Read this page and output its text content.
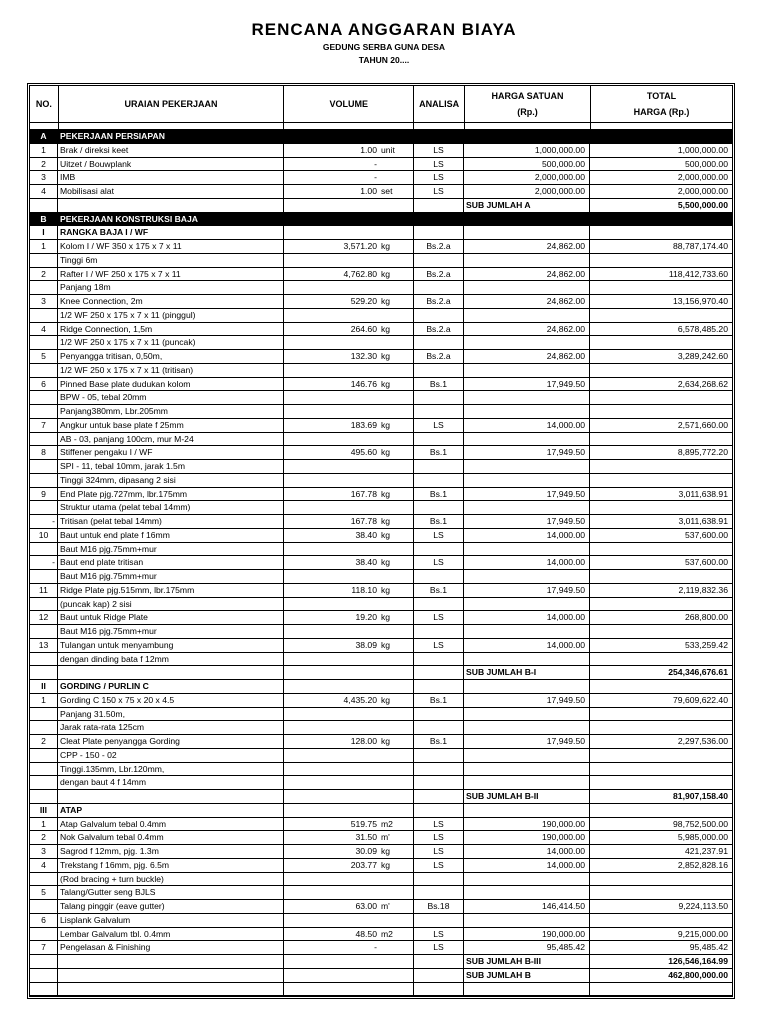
RENCANA ANGGARAN BIAYA
GEDUNG SERBA GUNA DESA
TAHUN 20....
NO.	URAIAN PEKERJAAN	VOLUME	ANALISA
HARGA SATUAN
(Rp.)
TOTAL
HARGA (Rp.)
A	PEKERJAAN PERSIAPAN
1	Brak / direksi keet	1.00 unit	LS	1,000,000.00	1,000,000.00
2	Uitzet / Bouwplank	-	LS	500,000.00	500,000.00
3	IMB	-	LS	2,000,000.00	2,000,000.00
4	Mobilisasi alat	1.00 set	LS	2,000,000.00	2,000,000.00
SUB JUMLAH A	5,500,000.00
B	PEKERJAAN KONSTRUKSI BAJA
I	RANGKA BAJA I / WF
1	Kolom I / WF 350 x 175 x 7 x 11	3,571.20 kg	Bs.2.a	24,862.00	88,787,174.40
Tinggi 6m
2	Rafter I / WF 250 x 175 x 7 x 11	4,762.80 kg	Bs.2.a	24,862.00	118,412,733.60
Panjang 18m
3	Knee Connection, 2m	529.20 kg	Bs.2.a	24,862.00	13,156,970.40
1/2 WF 250 x 175 x 7 x 11 (pinggul)
4	Ridge Connection, 1,5m	264.60 kg	Bs.2.a	24,862.00	6,578,485.20
1/2 WF 250 x 175 x 7 x 11 (puncak)
5	Penyangga tritisan, 0,50m,	132.30 kg	Bs.2.a	24,862.00	3,289,242.60
1/2 WF 250 x 175 x 7 x 11 (tritisan)
6	Pinned Base plate dudukan kolom	146.76 kg	Bs.1	17,949.50	2,634,268.62
BPW - 05, tebal 20mm
Panjang380mm, Lbr.205mm
7	Angkur untuk base plate f 25mm	183.69 kg	LS	14,000.00	2,571,660.00
AB - 03, panjang 100cm, mur M-24
8	Stiffener pengaku I / WF	495.60 kg	Bs.1	17,949.50	8,895,772.20
SPI - 11, tebal 10mm, jarak 1.5m
Tinggi 324mm, dipasang 2 sisi
9	End Plate pjg.727mm, lbr.175mm	167.78 kg	Bs.1	17,949.50	3,011,638.91
Struktur utama (pelat tebal 14mm)
- Tritisan (pelat tebal 14mm)	167.78 kg	Bs.1	17,949.50	3,011,638.91
10	Baut untuk end plate f 16mm	38.40 kg	LS	14,000.00	537,600.00
Baut M16 pjg.75mm+mur
- Baut end plate tritisan	38.40 kg	LS	14,000.00	537,600.00
Baut M16 pjg.75mm+mur
11	Ridge Plate pjg.515mm, lbr.175mm	118.10 kg	Bs.1	17,949.50	2,119,832.36
(puncak kap) 2 sisi
12	Baut untuk Ridge Plate	19.20 kg	LS	14,000.00	268,800.00
Baut M16 pjg.75mm+mur
13	Tulangan untuk menyambung	38.09 kg	LS	14,000.00	533,259.42
dengan dinding bata f 12mm
SUB JUMLAH B-I	254,346,676.61
II	GORDING / PURLIN C
1	Gording C 150 x 75 x 20 x 4.5	4,435.20 kg	Bs.1	17,949.50	79,609,622.40
Panjang 31.50m,
Jarak rata-rata 125cm
2	Cleat Plate penyangga Gording	128.00 kg	Bs.1	17,949.50	2,297,536.00
CPP - 150 - 02
Tinggi.135mm, Lbr.120mm,
dengan baut 4 f 14mm
SUB JUMLAH B-II	81,907,158.40
III	ATAP
1	Atap Galvalum tebal 0.4mm	519.75 m2	LS	190,000.00	98,752,500.00
2	Nok Galvalum tebal 0.4mm	31.50 m'	LS	190,000.00	5,985,000.00
3	Sagrod f 12mm, pjg. 1.3m	30.09 kg	LS	14,000.00	421,237.91
4	Trekstang f 16mm, pjg. 6.5m	203.77 kg	LS	14,000.00	2,852,828.16
(Rod bracing + turn buckle)
5	Talang/Gutter seng BJLS
Talang pinggir (eave gutter)	63.00 m'	Bs.18	146,414.50	9,224,113.50
6	Lisplank Galvalum
Lembar Galvalum tbl. 0.4mm	48.50 m2	LS	190,000.00	9,215,000.00
7	Pengelasan & Finishing	-	LS	95,485.42	95,485.42
SUB JUMLAH B-III	126,546,164.99
SUB JUMLAH B	462,800,000.00
